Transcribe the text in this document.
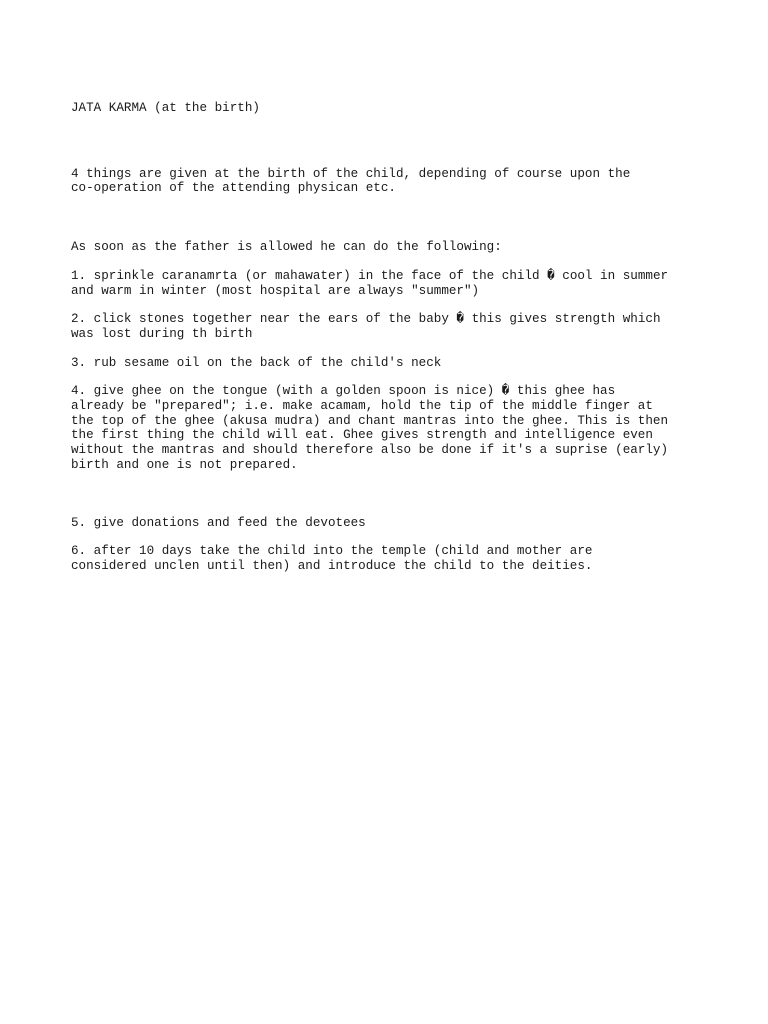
JATA KARMA (at the birth)

4 things are given at the birth of the child, depending of course upon the
co-operation of the attending physican etc.

As soon as the father is allowed he can do the following:

1. sprinkle caranamrta (or mahawater) in the face of the child � cool in summer
and warm in winter (most hospital are always "summer")

2. click stones together near the ears of the baby � this gives strength which
was lost during th birth

3. rub sesame oil on the back of the child's neck

4. give ghee on the tongue (with a golden spoon is nice) � this ghee has
already be "prepared"; i.e. make acamam, hold the tip of the middle finger at
the top of the ghee (akusa mudra) and chant mantras into the ghee. This is then
the first thing the child will eat. Ghee gives strength and intelligence even
without the mantras and should therefore also be done if it's a suprise (early)
birth and one is not prepared.

5. give donations and feed the devotees

6. after 10 days take the child into the temple (child and mother are
considered unclen until then) and introduce the child to the deities.
